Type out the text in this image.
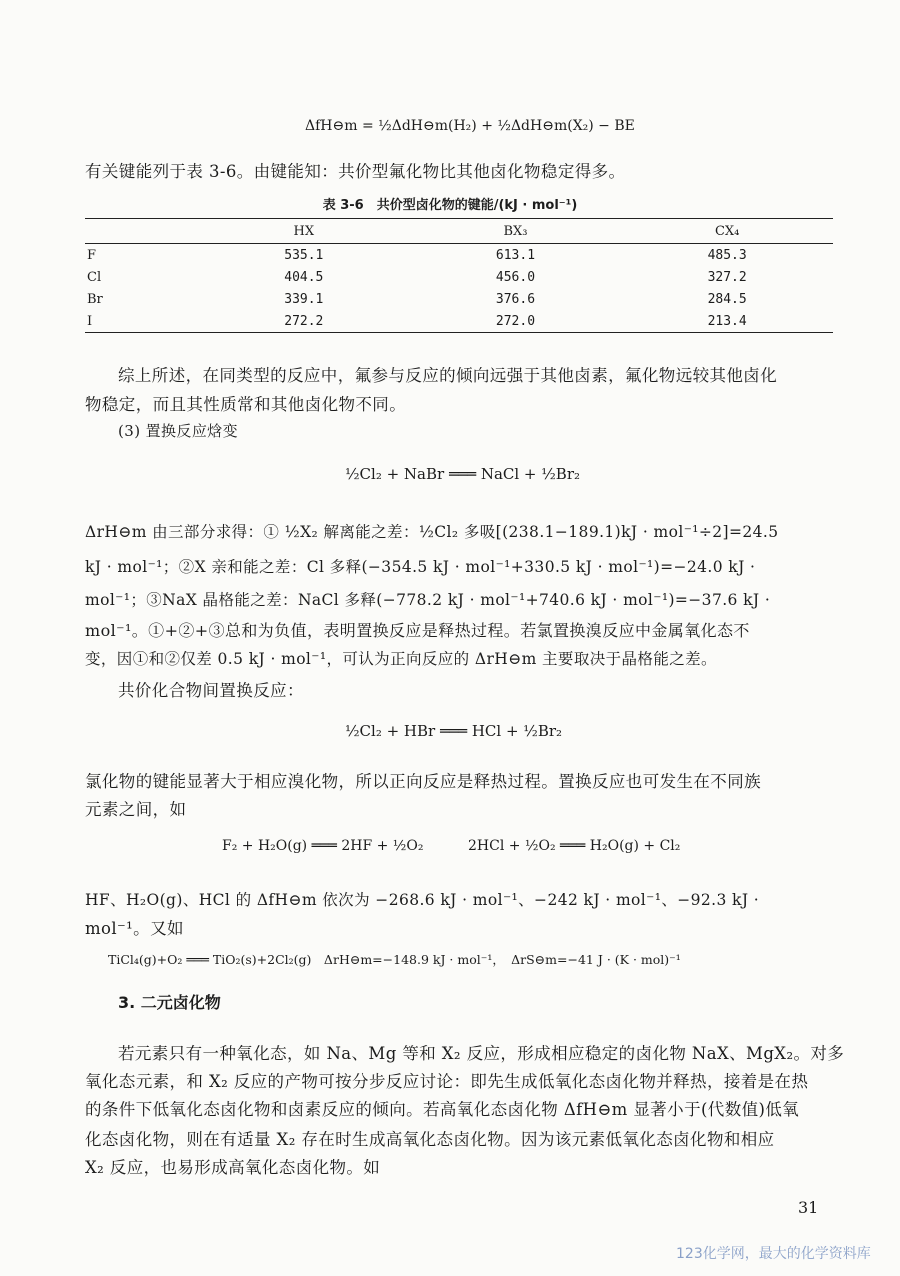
ΔfH⊖m = ½ΔdH⊖m(H₂) + ½ΔdH⊖m(X₂) − BE
有关键能列于表 3-6。由键能知：共价型氟化物比其他卤化物稳定得多。
表 3-6　共价型卤化物的键能/(kJ · mol⁻¹)
	HX	BX₃	CX₄
F	535.1	613.1	485.3
Cl	404.5	456.0	327.2
Br	339.1	376.6	284.5
I	272.2	272.0	213.4
综上所述，在同类型的反应中，氟参与反应的倾向远强于其他卤素，氟化物远较其他卤化
物稳定，而且其性质常和其他卤化物不同。
(3) 置换反应焓变
½Cl₂ + NaBr ═══ NaCl + ½Br₂
ΔrH⊖m 由三部分求得：① ½X₂ 解离能之差：½Cl₂ 多吸[(238.1−189.1)kJ · mol⁻¹÷2]=24.5
kJ · mol⁻¹；②X 亲和能之差：Cl 多释(−354.5 kJ · mol⁻¹+330.5 kJ · mol⁻¹)=−24.0 kJ ·
mol⁻¹；③NaX 晶格能之差：NaCl 多释(−778.2 kJ · mol⁻¹+740.6 kJ · mol⁻¹)=−37.6 kJ ·
mol⁻¹。①+②+③总和为负值，表明置换反应是释热过程。若氯置换溴反应中金属氧化态不
变，因①和②仅差 0.5 kJ · mol⁻¹，可认为正向反应的 ΔrH⊖m 主要取决于晶格能之差。
共价化合物间置换反应：
½Cl₂ + HBr ═══ HCl + ½Br₂
氯化物的键能显著大于相应溴化物，所以正向反应是释热过程。置换反应也可发生在不同族
元素之间，如
F₂ + H₂O(g) ═══ 2HF + ½O₂	2HCl + ½O₂ ═══ H₂O(g) + Cl₂
HF、H₂O(g)、HCl 的 ΔfH⊖m 依次为 −268.6 kJ · mol⁻¹、−242 kJ · mol⁻¹、−92.3 kJ ·
mol⁻¹。又如
TiCl₄(g)+O₂ ═══ TiO₂(s)+2Cl₂(g)　ΔrH⊖m=−148.9 kJ · mol⁻¹，　ΔrS⊖m=−41 J · (K · mol)⁻¹
3. 二元卤化物
若元素只有一种氧化态，如 Na、Mg 等和 X₂ 反应，形成相应稳定的卤化物 NaX、MgX₂。对多
氧化态元素，和 X₂ 反应的产物可按分步反应讨论：即先生成低氧化态卤化物并释热，接着是在热
的条件下低氧化态卤化物和卤素反应的倾向。若高氧化态卤化物 ΔfH⊖m 显著小于(代数值)低氧
化态卤化物，则在有适量 X₂ 存在时生成高氧化态卤化物。因为该元素低氧化态卤化物和相应
X₂ 反应，也易形成高氧化态卤化物。如
31
123化学网，最大的化学资料库
